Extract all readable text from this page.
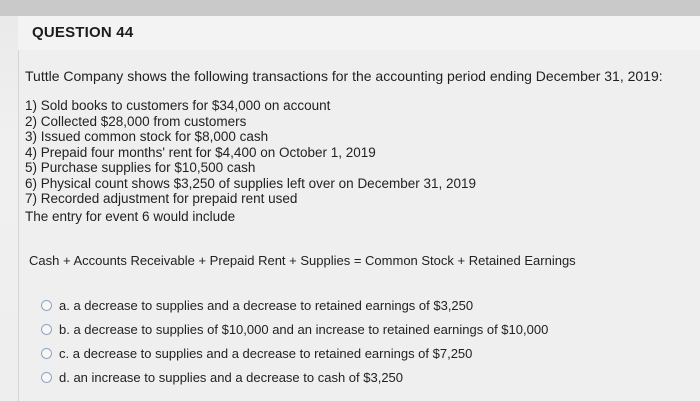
QUESTION 44
Tuttle Company shows the following transactions for the accounting period ending December 31, 2019:
1) Sold books to customers for $34,000 on account
2) Collected $28,000 from customers
3) Issued common stock for $8,000 cash
4) Prepaid four months' rent for $4,400 on October 1, 2019
5) Purchase supplies for $10,500 cash
6) Physical count shows $3,250 of supplies left over on December 31, 2019
7) Recorded adjustment for prepaid rent used
The entry for event 6 would include
Cash + Accounts Receivable + Prepaid Rent + Supplies = Common Stock + Retained Earnings
a. a decrease to supplies and a decrease to retained earnings of $3,250
b. a decrease to supplies of $10,000 and an increase to retained earnings of $10,000
c. a decrease to supplies and a decrease to retained earnings of $7,250
d. an increase to supplies and a decrease to cash of $3,250
